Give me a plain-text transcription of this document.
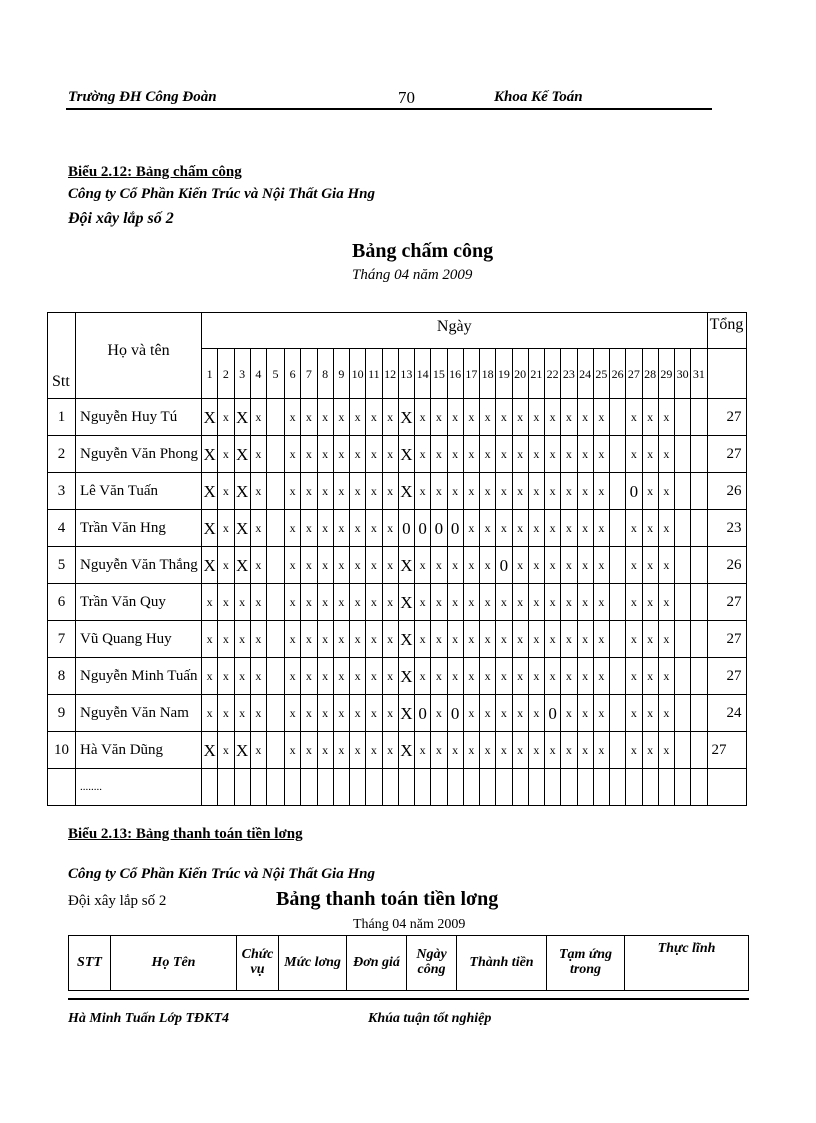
Trường ĐH Công Đoàn	70	Khoa Kế Toán
Biểu 2.12: Bảng chấm công
Công ty Cổ Phần Kiến Trúc và Nội Thất Gia Hng
Đội xây lắp số 2
Bảng chấm công
Tháng 04 năm 2009
Stt	Họ và tên	Ngày																															Tổng
		1	2	3	4	5	6	7	8	9	10	11	12	13	14	15	16	17	18	19	20	21	22	23	24	25	26	27	28	29	30	31	
1	Nguyễn Huy Tú	X	x	X	x		x	x	x	x	x	x	x	X	x	x	x	x	x	x	x	x	x	x	x	x		x	x	x			27
2	Nguyễn Văn Phong	X	x	X	x		x	x	x	x	x	x	x	X	x	x	x	x	x	x	x	x	x	x	x	x		x	x	x			27
3	Lê Văn Tuấn	X	x	X	x		x	x	x	x	x	x	x	X	x	x	x	x	x	x	x	x	x	x	x	x		0	x	x			26
4	Trần Văn Hng	X	x	X	x		x	x	x	x	x	x	x	0	0	0	0	x	x	x	x	x	x	x	x	x		x	x	x			23
5	Nguyễn Văn Thắng	X	x	X	x		x	x	x	x	x	x	x	X	x	x	x	x	x	0	x	x	x	x	x	x		x	x	x			26
6	Trần Văn Quy	x	x	x	x		x	x	x	x	x	x	x	X	x	x	x	x	x	x	x	x	x	x	x	x		x	x	x			27
7	Vũ Quang Huy	x	x	x	x		x	x	x	x	x	x	x	X	x	x	x	x	x	x	x	x	x	x	x	x		x	x	x			27
8	Nguyễn Minh Tuấn	x	x	x	x		x	x	x	x	x	x	x	X	x	x	x	x	x	x	x	x	x	x	x	x		x	x	x			27
9	Nguyễn Văn Nam	x	x	x	x		x	x	x	x	x	x	x	X	0	x	0	x	x	x	x	x	0	x	x	x		x	x	x			24
10	Hà Văn Dũng	X	x	X	x		x	x	x	x	x	x	x	X	x	x	x	x	x	x	x	x	x	x	x	x		x	x	x			27
	........																																
Biểu 2.13: Bảng thanh toán tiền lơng
Công ty Cổ Phần Kiến Trúc và Nội Thất Gia Hng
Đội xây lắp số 2	Bảng thanh toán tiền lơng
Tháng 04 năm 2009
STT	Họ Tên	Chức vụ	Mức lơng	Đơn giá	Ngày công	Thành tiền	Tạm ứng trong	Thực lĩnh
Hà Minh Tuấn Lớp TĐKT4	Khúa tuận tốt nghiệp
